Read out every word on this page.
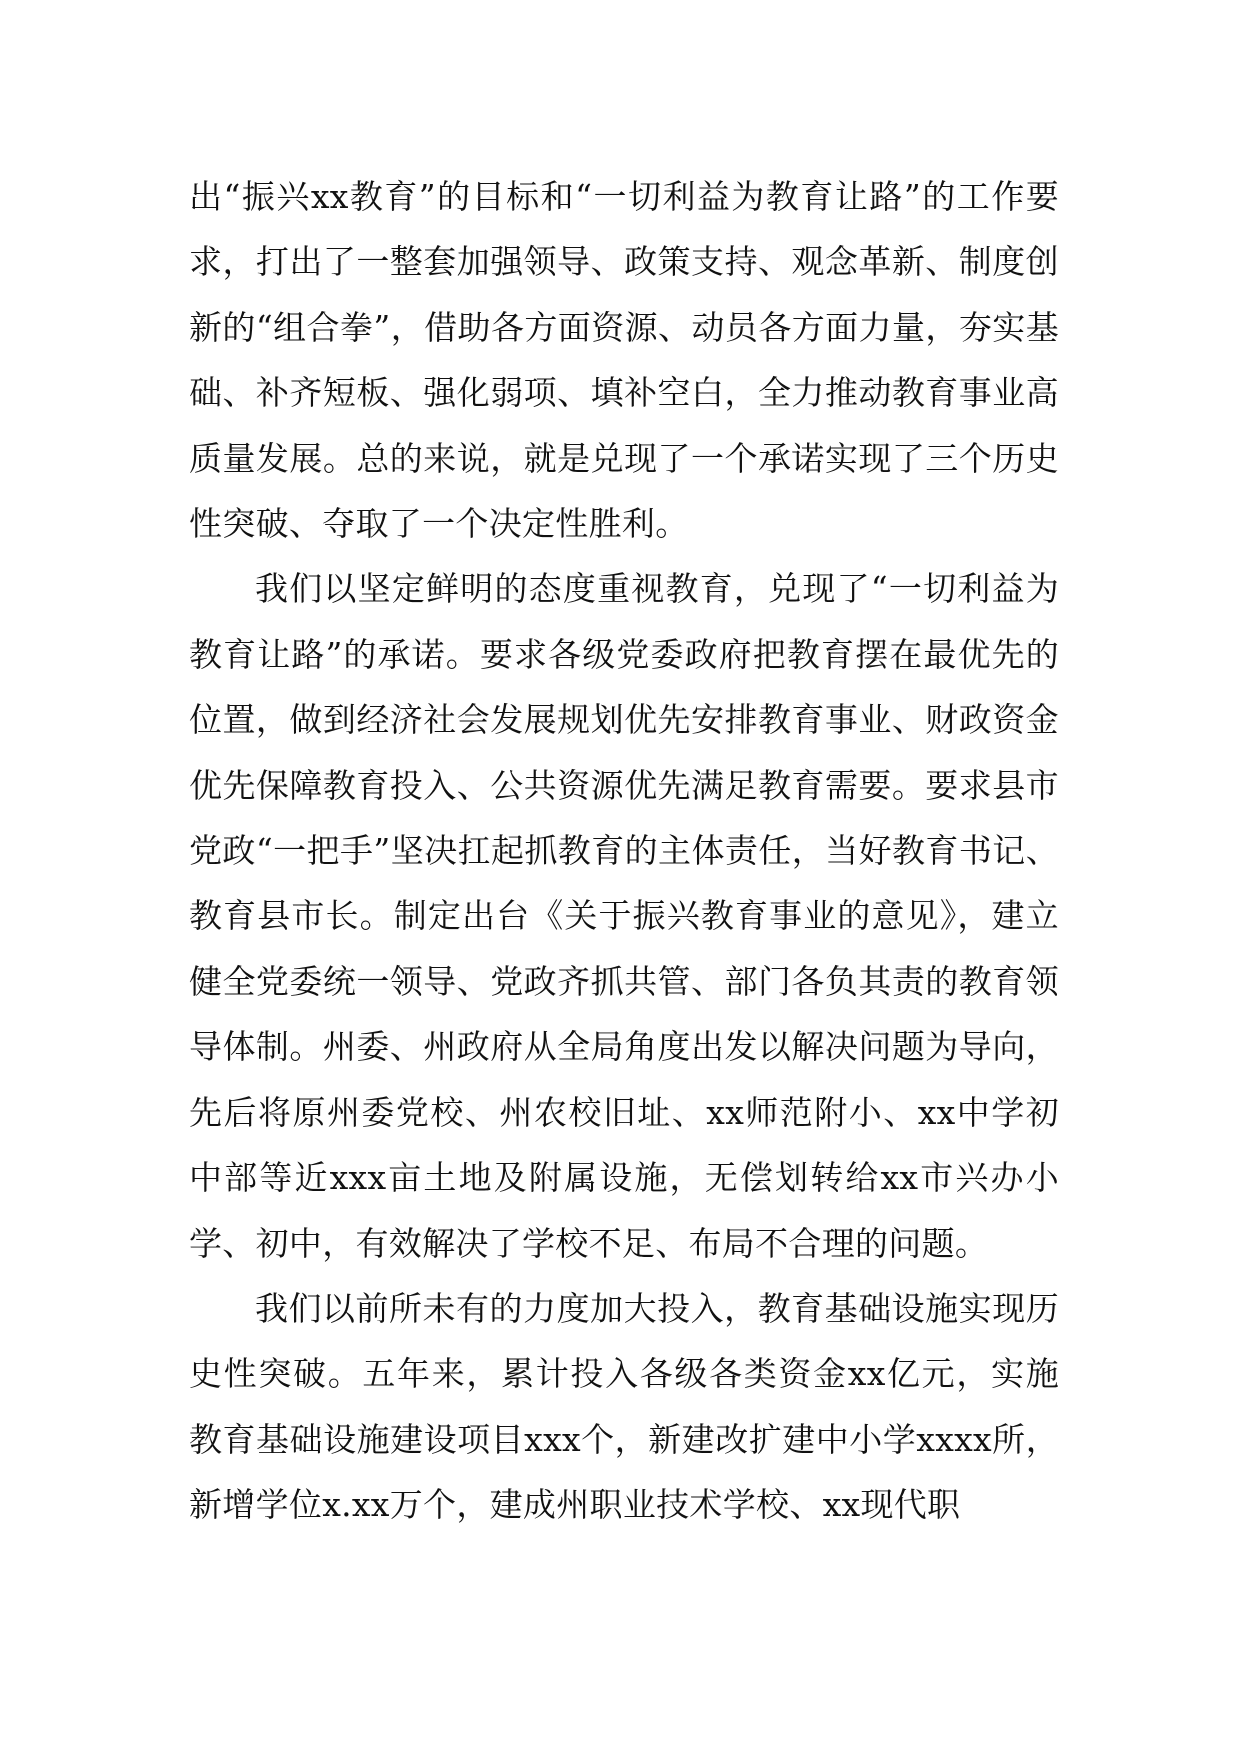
出“振兴xx教育”的目标和“一切利益为教育让路”的工作要求，打出了一整套加强领导、政策支持、观念革新、制度创新的“组合拳”，借助各方面资源、动员各方面力量，夯实基础、补齐短板、强化弱项、填补空白，全力推动教育事业高质量发展。总的来说，就是兑现了一个承诺实现了三个历史性突破、夺取了一个决定性胜利。

我们以坚定鲜明的态度重视教育，兑现了“一切利益为教育让路”的承诺。要求各级党委政府把教育摆在最优先的位置，做到经济社会发展规划优先安排教育事业、财政资金优先保障教育投入、公共资源优先满足教育需要。要求县市党政“一把手”坚决扛起抓教育的主体责任，当好教育书记、教育县市长。制定出台《关于振兴教育事业的意见》，建立健全党委统一领导、党政齐抓共管、部门各负其责的教育领导体制。州委、州政府从全局角度出发以解决问题为导向，先后将原州委党校、州农校旧址、xx师范附小、xx中学初中部等近xxx亩土地及附属设施，无偿划转给xx市兴办小学、初中，有效解决了学校不足、布局不合理的问题。

我们以前所未有的力度加大投入，教育基础设施实现历史性突破。五年来，累计投入各级各类资金xx亿元，实施教育基础设施建设项目xxx个，新建改扩建中小学xxxx所，新增学位x.xx万个，建成州职业技术学校、xx现代职
